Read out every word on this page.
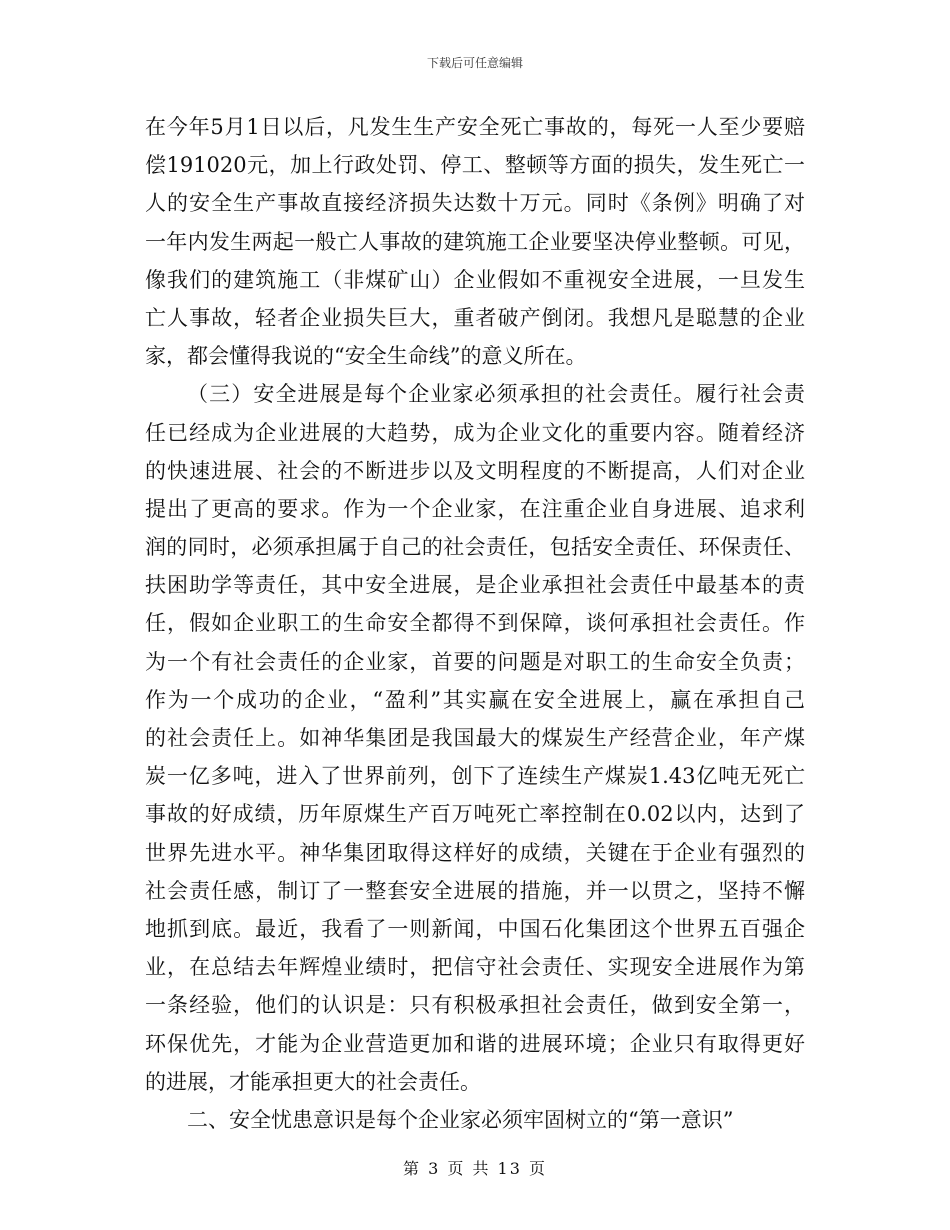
下载后可任意编辑
在今年5月1日以后，凡发生生产安全死亡事故的，每死一人至少要赔
偿191020元，加上行政处罚、停工、整顿等方面的损失，发生死亡一
人的安全生产事故直接经济损失达数十万元。同时《条例》明确了对
一年内发生两起一般亡人事故的建筑施工企业要坚决停业整顿。可见，
像我们的建筑施工（非煤矿山）企业假如不重视安全进展，一旦发生
亡人事故，轻者企业损失巨大，重者破产倒闭。我想凡是聪慧的企业
家，都会懂得我说的“安全生命线”的意义所在。
（三）安全进展是每个企业家必须承担的社会责任。履行社会责
任已经成为企业进展的大趋势，成为企业文化的重要内容。随着经济
的快速进展、社会的不断进步以及文明程度的不断提高，人们对企业
提出了更高的要求。作为一个企业家，在注重企业自身进展、追求利
润的同时，必须承担属于自己的社会责任，包括安全责任、环保责任、
扶困助学等责任，其中安全进展，是企业承担社会责任中最基本的责
任，假如企业职工的生命安全都得不到保障，谈何承担社会责任。作
为一个有社会责任的企业家，首要的问题是对职工的生命安全负责；
作为一个成功的企业，“盈利”其实赢在安全进展上，赢在承担自己
的社会责任上。如神华集团是我国最大的煤炭生产经营企业，年产煤
炭一亿多吨，进入了世界前列，创下了连续生产煤炭1.43亿吨无死亡
事故的好成绩，历年原煤生产百万吨死亡率控制在0.02以内，达到了
世界先进水平。神华集团取得这样好的成绩，关键在于企业有强烈的
社会责任感，制订了一整套安全进展的措施，并一以贯之，坚持不懈
地抓到底。最近，我看了一则新闻，中国石化集团这个世界五百强企
业，在总结去年辉煌业绩时，把信守社会责任、实现安全进展作为第
一条经验，他们的认识是：只有积极承担社会责任，做到安全第一，
环保优先，才能为企业营造更加和谐的进展环境；企业只有取得更好
的进展，才能承担更大的社会责任。
二、安全忧患意识是每个企业家必须牢固树立的“第一意识”
第 3 页 共 13 页
